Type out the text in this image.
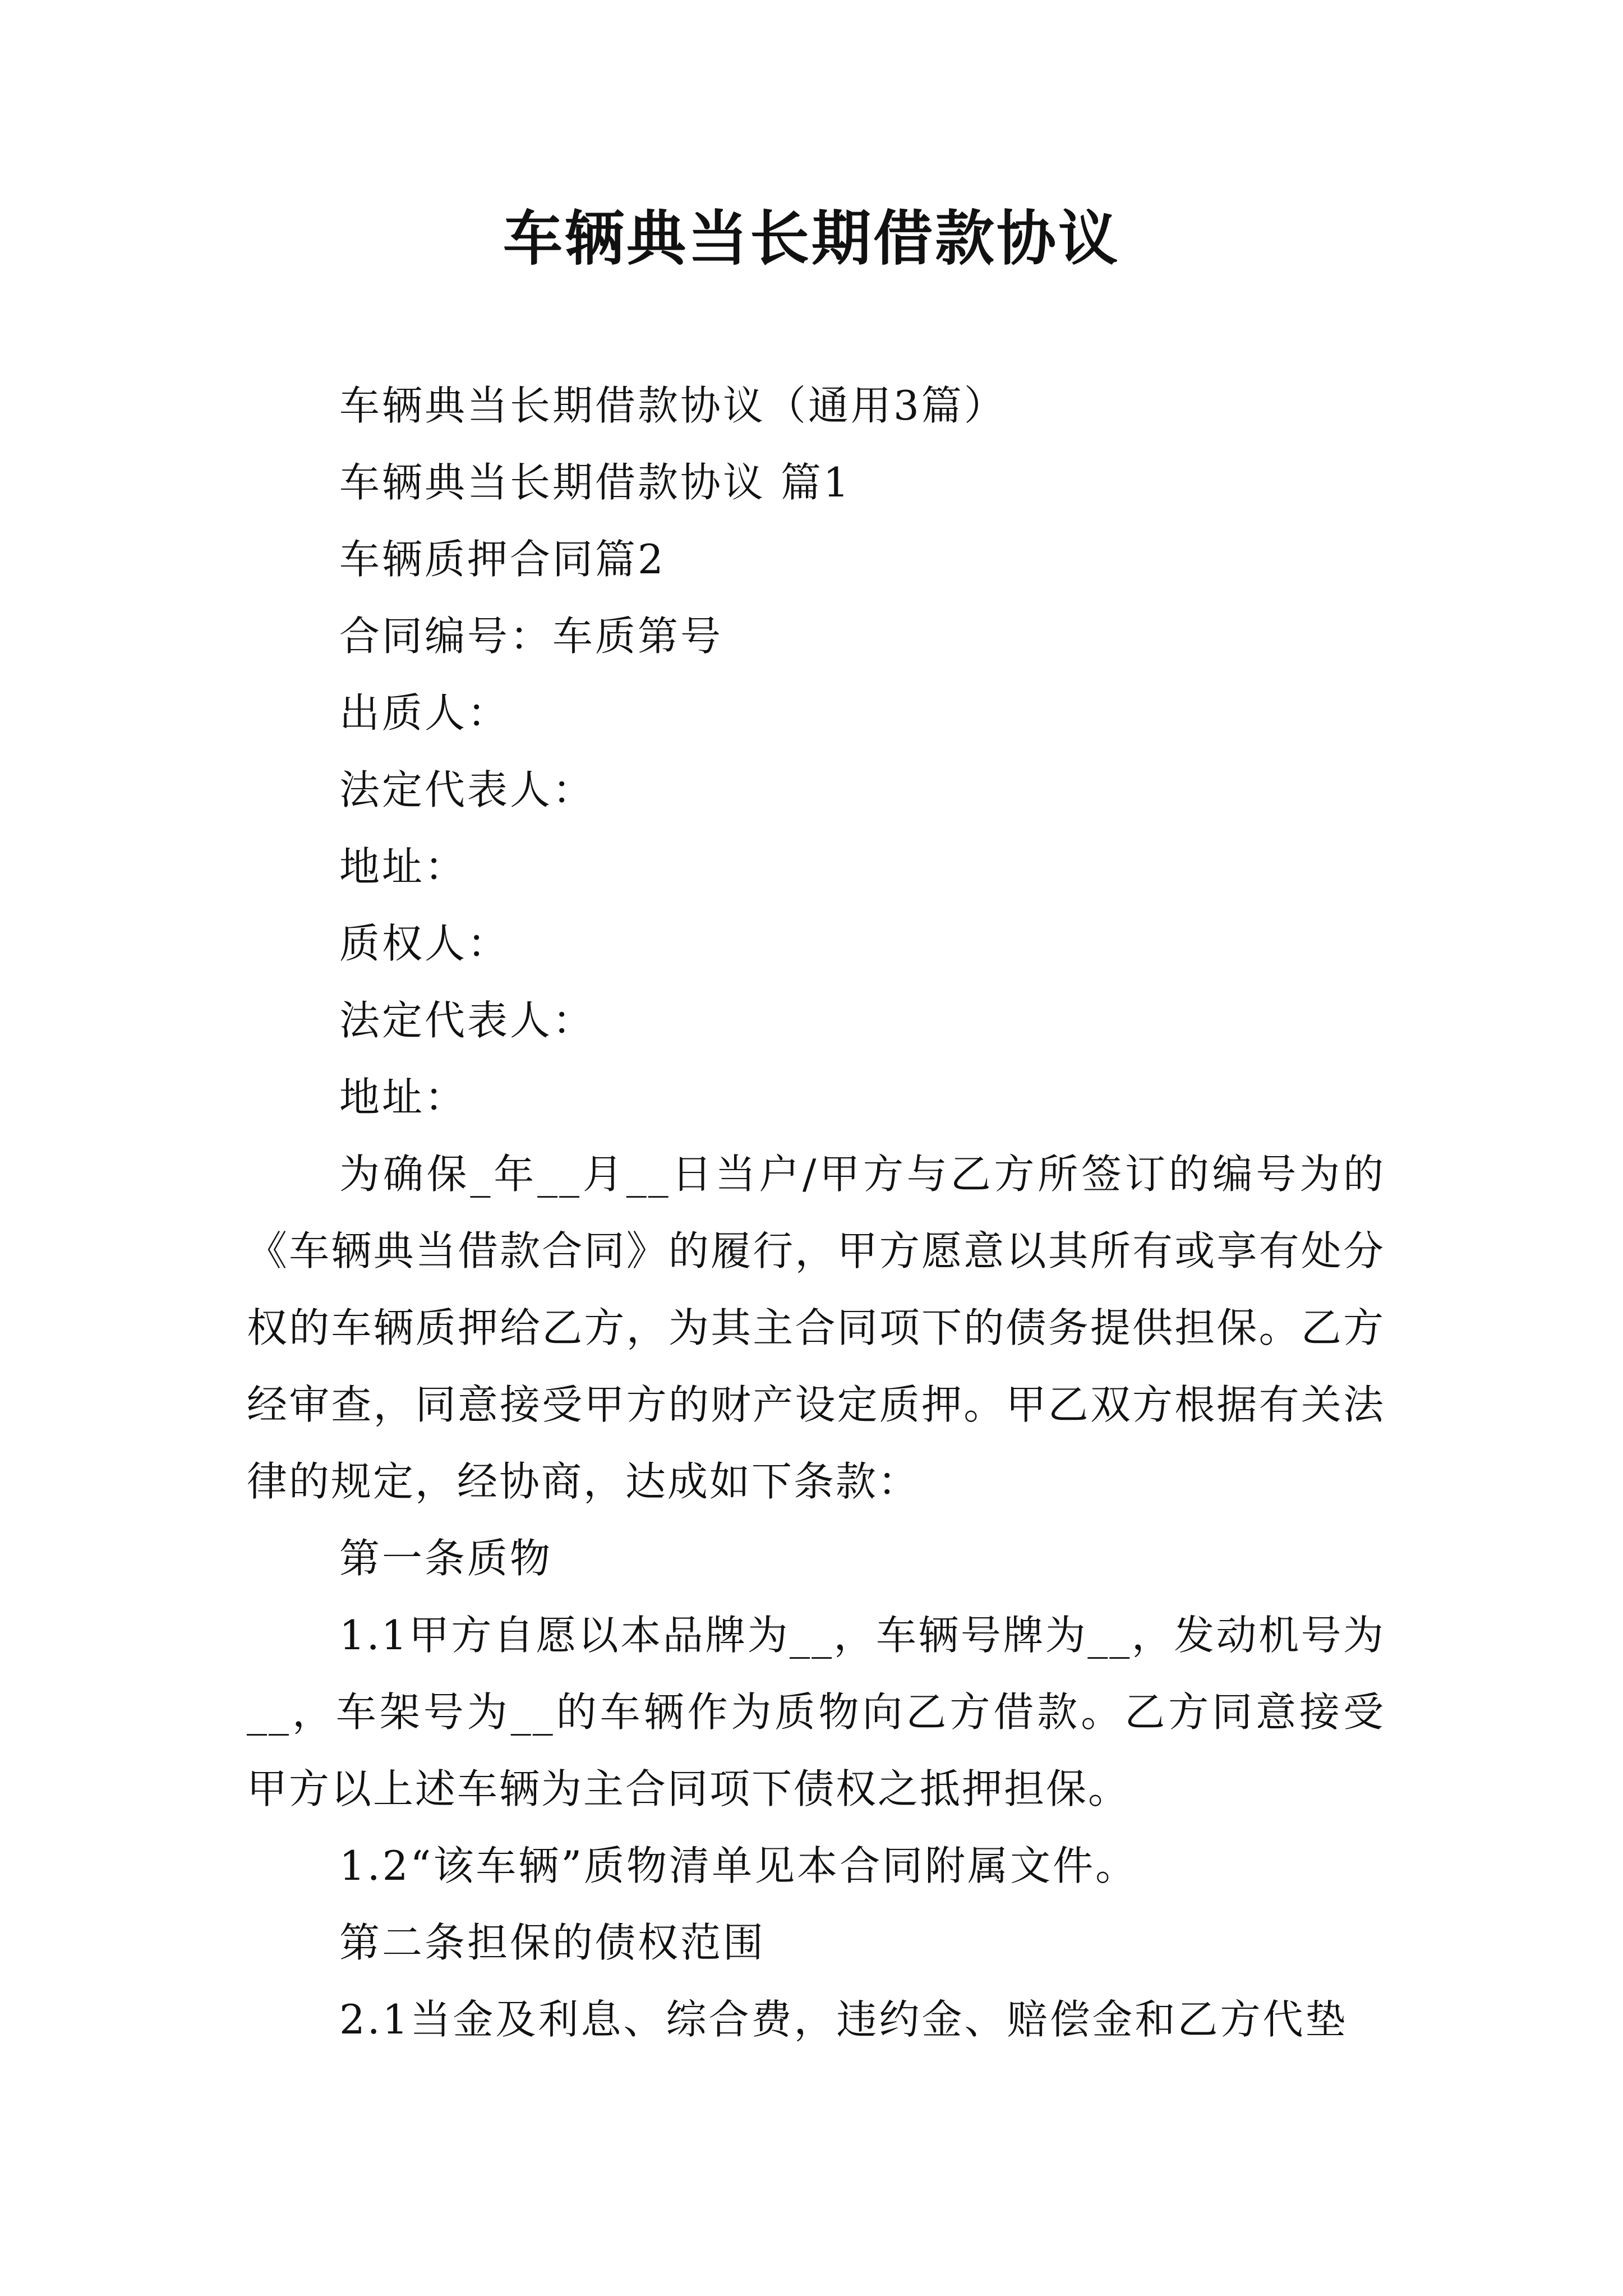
车辆典当长期借款协议
车辆典当长期借款协议（通用3篇）
车辆典当长期借款协议 篇1
车辆质押合同篇2
合同编号：车质第号
出质人：
法定代表人：
地址：
质权人：
法定代表人：
地址：
为确保_年__月__日当户/甲方与乙方所签订的编号为的《车辆典当借款合同》的履行，甲方愿意以其所有或享有处分权的车辆质押给乙方，为其主合同项下的债务提供担保。乙方经审查，同意接受甲方的财产设定质押。甲乙双方根据有关法律的规定，经协商，达成如下条款：
第一条质物
1.1甲方自愿以本品牌为__，车辆号牌为__，发动机号为__，车架号为__的车辆作为质物向乙方借款。乙方同意接受甲方以上述车辆为主合同项下债权之抵押担保。
1.2“该车辆”质物清单见本合同附属文件。
第二条担保的债权范围
2.1当金及利息、综合费，违约金、赔偿金和乙方代垫
